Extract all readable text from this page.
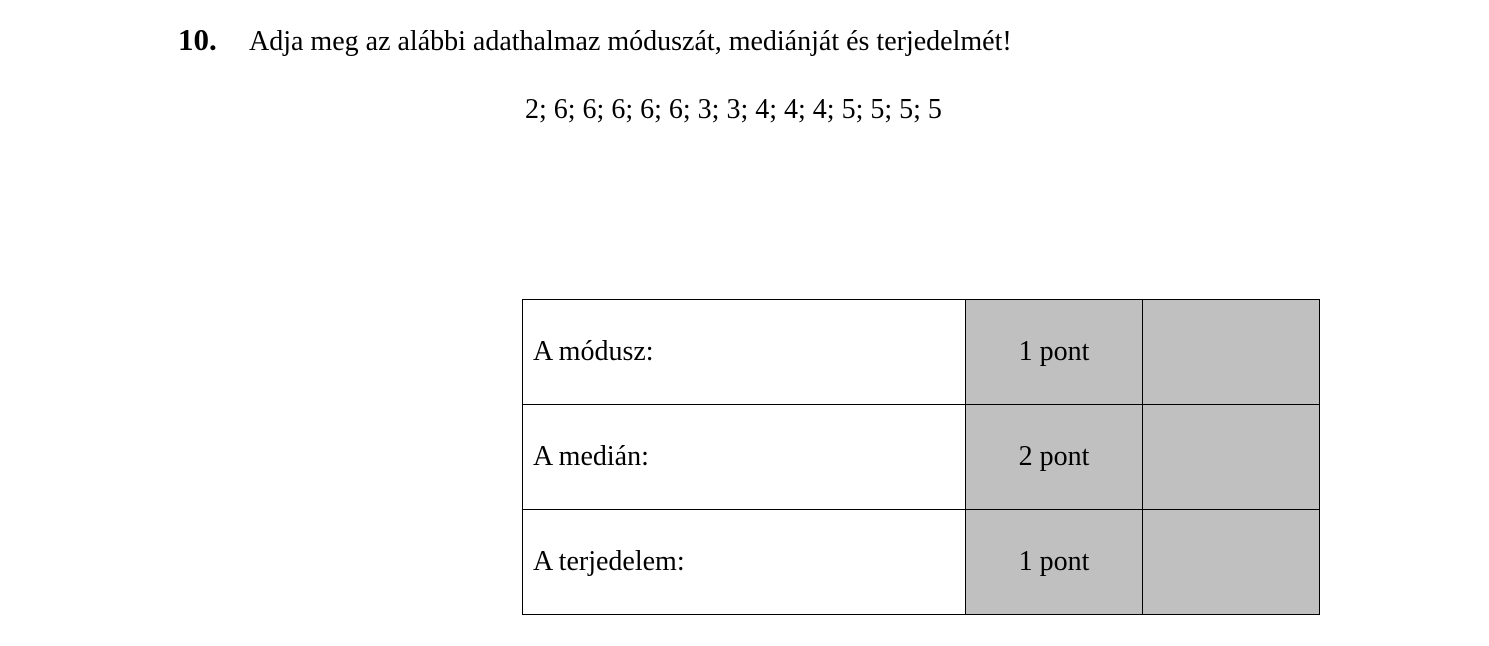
10. Adja meg az alábbi adathalmaz móduszát, mediánját és terjedelmét!
2; 6; 6; 6; 6; 6; 3; 3; 4; 4; 4; 5; 5; 5; 5
A módusz:	1 pont	
A medián:	2 pont	
A terjedelem:	1 pont	
